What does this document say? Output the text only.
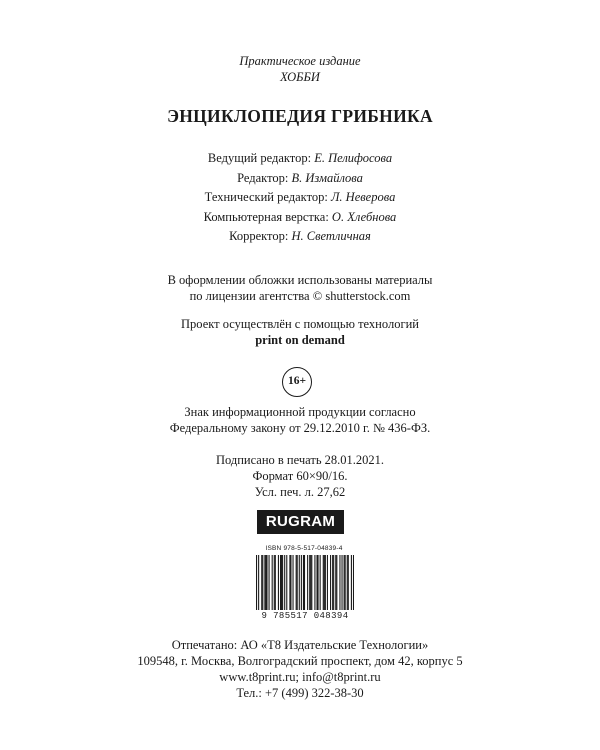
Практическое издание
ХОББИ
ЭНЦИКЛОПЕДИЯ ГРИБНИКА
Ведущий редактор: Е. Пелифосова
Редактор: В. Измайлова
Технический редактор: Л. Неверова
Компьютерная верстка: О. Хлебнова
Корректор: Н. Светличная
В оформлении обложки использованы материалы
по лицензии агентства © shutterstock.com
Проект осуществлён с помощью технологий
print on demand
16+
Знак информационной продукции согласно
Федеральному закону от 29.12.2010 г. № 436-ФЗ.
Подписано в печать 28.01.2021.
Формат 60×90/16.
Усл. печ. л. 27,62
RUGRAM
ISBN 978-5-517-04839-4
9 785517 048394
Отпечатано: АО «Т8 Издательские Технологии»
109548, г. Москва, Волгоградский проспект, дом 42, корпус 5
www.t8print.ru; info@t8print.ru
Тел.: +7 (499) 322-38-30
